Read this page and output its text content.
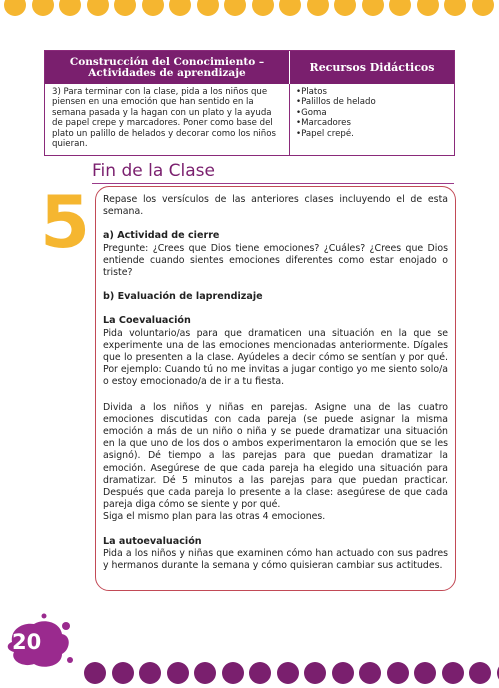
Construcción del Conocimiento – Actividades de aprendizaje	Recursos Didácticos
3) Para terminar con la clase, pida a los niños que piensen en una emoción que han sentido en la semana pasada y la hagan con un plato y la ayuda de papel crepe y marcadores. Poner como base del plato un palillo de helados y decorar como los niños quieran.
• Platos
• Palillos de helado
• Goma
• Marcadores
• Papel crepé.
Fin de la Clase
5 Repase los versículos de las anteriores clases incluyendo el de esta semana.

a) Actividad de cierre

Pregunte: ¿Crees que Dios tiene emociones? ¿Cuáles? ¿Crees que Dios entiende cuando sientes emociones diferentes como estar enojado o triste?

b) Evaluación de laprendizaje
La Coevaluación

Pida voluntario/as para que dramaticen una situación en la que se experimente una de las emociones mencionadas anteriormente. Dígales que lo presenten a la clase. Ayúdeles a decir cómo se sentían y por qué. Por ejemplo: Cuando tú no me invitas a jugar contigo yo me siento solo/a o estoy emocionado/a de ir a tu fiesta.

Divida a los niños y niñas en parejas. Asigne una de las cuatro emociones discutidas con cada pareja (se puede asignar la misma emoción a más de un niño o niña y se puede dramatizar una situación en la que uno de los dos o ambos experimentaron la emoción que se les asignó). Dé tiempo a las parejas para que puedan dramatizar la emoción. Asegúrese de que cada pareja ha elegido una situación para dramatizar. Dé 5 minutos a las parejas para que puedan practicar. Después que cada pareja lo presente a la clase: asegúrese de que cada pareja diga cómo se siente y por qué.

Siga el mismo plan para las otras 4 emociones.

La autoevaluación

Pida a los niños y niñas que examinen cómo han actuado con sus padres y hermanos durante la semana y cómo quisieran cambiar sus actitudes.

20
